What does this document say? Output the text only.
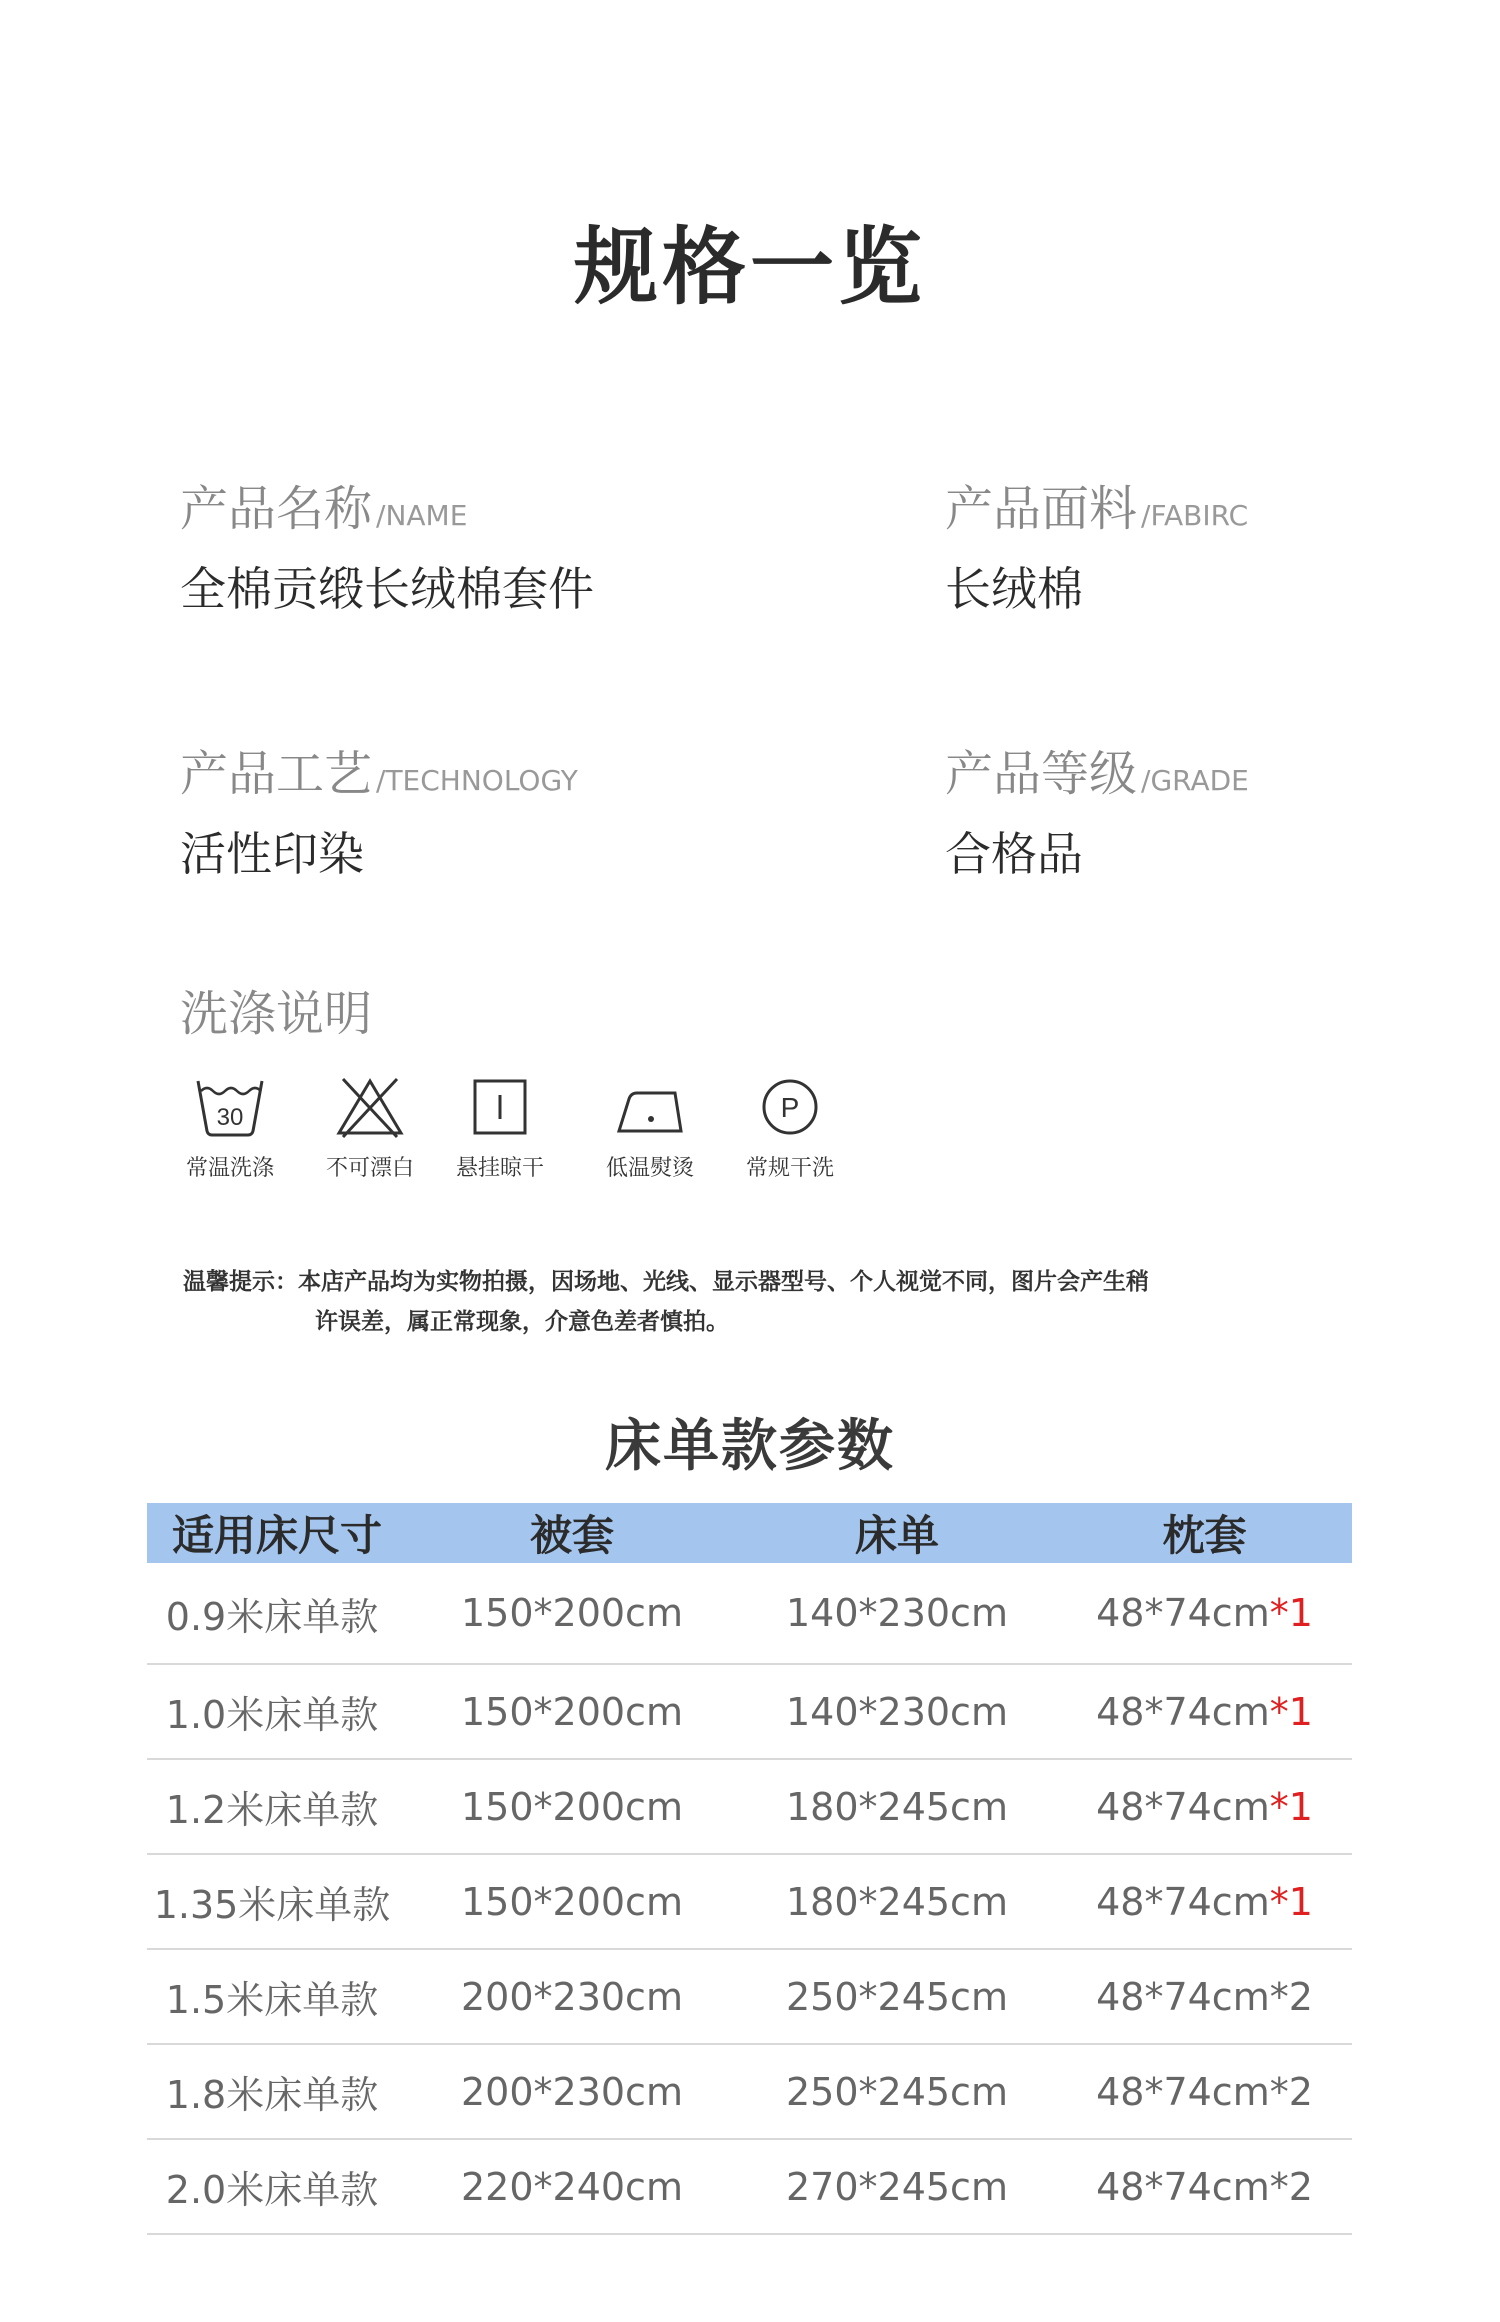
规格一览
产品名称 /NAME
全棉贡缎长绒棉套件
产品面料 /FABIRC
长绒棉
产品工艺 /TECHNOLOGY
活性印染
产品等级 /GRADE
合格品
洗涤说明
30
常温洗涤	不可漂白	悬挂晾干	低温熨烫
P
常规干洗
温馨提示：本店产品均为实物拍摄，因场地、光线、显示器型号、个人视觉不同，图片会产生稍
许误差，属正常现象，介意色差者慎拍。
床单款参数
适用床尺寸	被套	床单	枕套
0.9米床单款	150*200cm	140*230cm	48*74cm*1
1.0米床单款	150*200cm	140*230cm	48*74cm*1
1.2米床单款	150*200cm	180*245cm	48*74cm*1
1.35米床单款	150*200cm	180*245cm	48*74cm*1
1.5米床单款	200*230cm	250*245cm	48*74cm*2
1.8米床单款	200*230cm	250*245cm	48*74cm*2
2.0米床单款	220*240cm	270*245cm	48*74cm*2
